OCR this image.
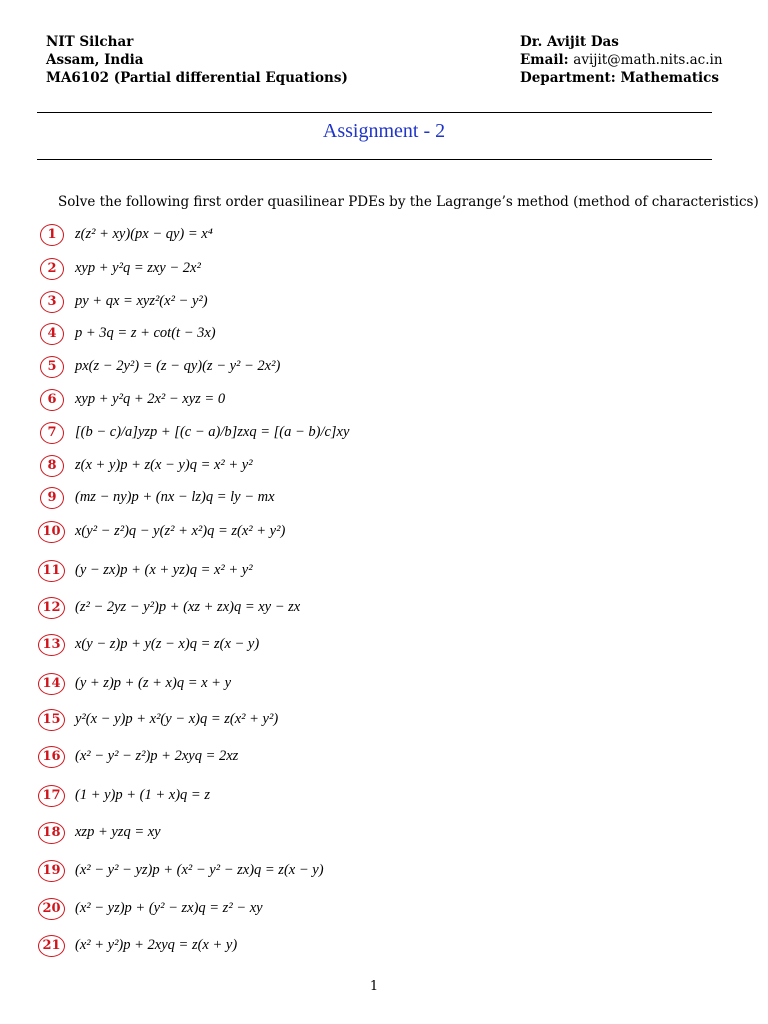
NIT Silchar
Assam, India
MA6102 (Partial differential Equations)
Dr. Avijit Das
Email: avijit@math.nits.ac.in
Department: Mathematics
Assignment - 2
Solve the following first order quasilinear PDEs by the Lagrange’s method (method of characteristics)
1	z(z² + xy)(px − qy) = x⁴
2	xyp + y²q = zxy − 2x²
3	py + qx = xyz²(x² − y²)
4	p + 3q = z + cot(t − 3x)
5	px(z − 2y²) = (z − qy)(z − y² − 2x²)
6	xyp + y²q + 2x² − xyz = 0
7	[(b − c)/a]yzp + [(c − a)/b]zxq = [(a − b)/c]xy
8	z(x + y)p + z(x − y)q = x² + y²
9	(mz − ny)p + (nx − lz)q = ly − mx
10 x(y² − z²)q − y(z² + x²)q = z(x² + y²)
11 (y − zx)p + (x + yz)q = x² + y²
12 (z² − 2yz − y²)p + (xz + zx)q = xy − zx
13 x(y − z)p + y(z − x)q = z(x − y)
14 (y + z)p + (z + x)q = x + y
15 y²(x − y)p + x²(y − x)q = z(x² + y²)
16 (x² − y² − z²)p + 2xyq = 2xz
17 (1 + y)p + (1 + x)q = z
18 xzp + yzq = xy
19 (x² − y² − yz)p + (x² − y² − zx)q = z(x − y)
20 (x² − yz)p + (y² − zx)q = z² − xy
21 (x² + y²)p + 2xyq = z(x + y)
1
